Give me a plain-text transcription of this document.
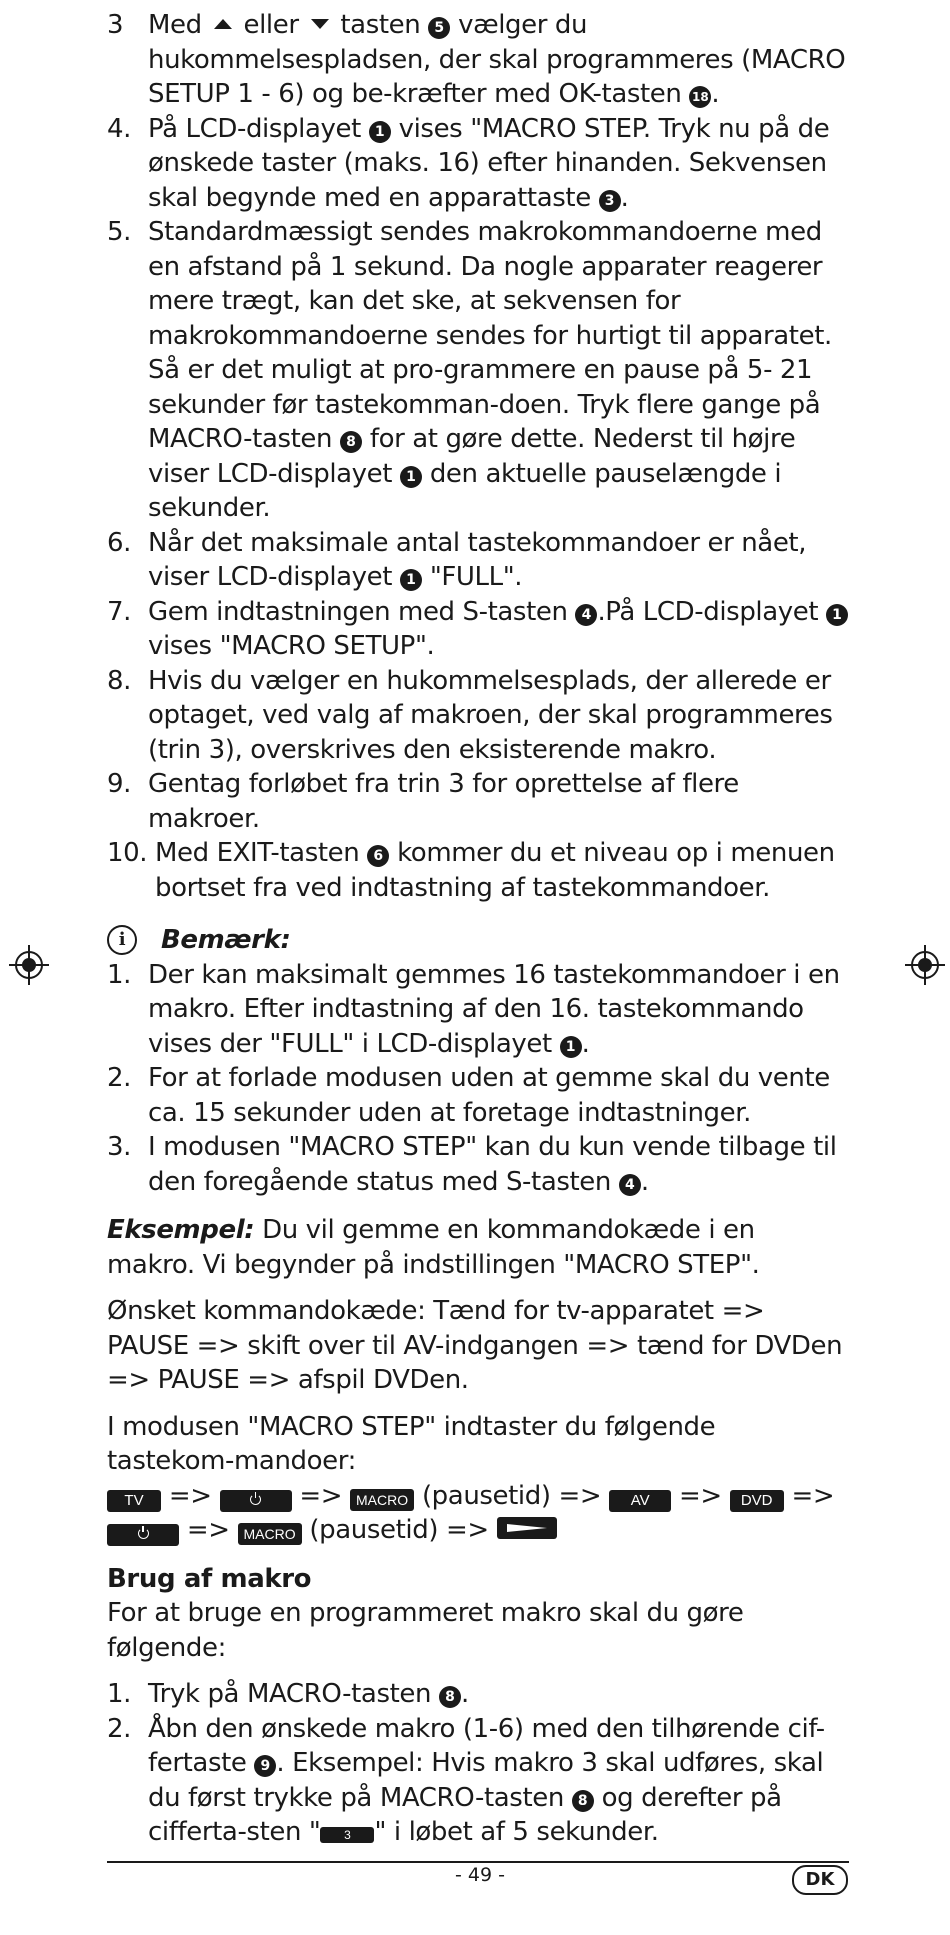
3 Med eller tasten 5 vælger du hukommelsespladsen, der skal programmeres (MACRO SETUP 1 - 6) og be-kræfter med OK-tasten 18 .
4. På LCD-displayet 1 vises "MACRO STEP. Tryk nu på de ønskede taster (maks. 16) efter hinanden. Sekvensen skal begynde med en apparattaste 3 .
5. Standardmæssigt sendes makrokommandoerne med en afstand på 1 sekund. Da nogle apparater reagerer mere trægt, kan det ske, at sekvensen for makrokommandoerne sendes for hurtigt til apparatet. Så er det muligt at pro-grammere en pause på 5- 21 sekunder før tastekomman-doen. Tryk flere gange på MACRO-tasten 8 for at gøre dette. Nederst til højre viser LCD-displayet 1 den aktuelle pauselængde i sekunder.
6. Når det maksimale antal tastekommandoer er nået, viser LCD-displayet 1 "FULL".
7. Gem indtastningen med S-tasten 4 .På LCD-displayet 1 vises "MACRO SETUP".
8. Hvis du vælger en hukommelsesplads, der allerede er optaget, ved valg af makroen, der skal programmeres (trin 3), overskrives den eksisterende makro.
9. Gentag forløbet fra trin 3 for oprettelse af flere makroer.
10. Med EXIT-tasten 6 kommer du et niveau op i menuen bortset fra ved indtastning af tastekommandoer.
i	Bemærk:
1. Der kan maksimalt gemmes 16 tastekommandoer i en makro. Efter indtastning af den 16. tastekommando vises der "FULL" i LCD-displayet 1 .
2. For at forlade modusen uden at gemme skal du vente ca. 15 sekunder uden at foretage indtastninger.
3. I modusen "MACRO STEP" kan du kun vende tilbage til den foregående status med S-tasten 4 .
Eksempel: Du vil gemme en kommandokæde i en makro. Vi begynder på indstillingen "MACRO STEP".
Ønsket kommandokæde: Tænd for tv-apparatet => PAUSE => skift over til AV-indgangen => tænd for DVDen => PAUSE => afspil DVDen.
I modusen "MACRO STEP" indtaster du følgende tastekom-mandoer:
TV =>	=> MACRO (pausetid) => AV => DVD =>
=> MACRO (pausetid) =>
Brug af makro
For at bruge en programmeret makro skal du gøre følgende:
1. Tryk på MACRO-tasten 8 .
2. Åbn den ønskede makro (1-6) med den tilhørende cif-fertaste 9 . Eksempel: Hvis makro 3 skal udføres, skal du først trykke på MACRO-tasten 8 og derefter på cifferta-sten " 3 " i løbet af 5 sekunder.
- 49 -	DK
